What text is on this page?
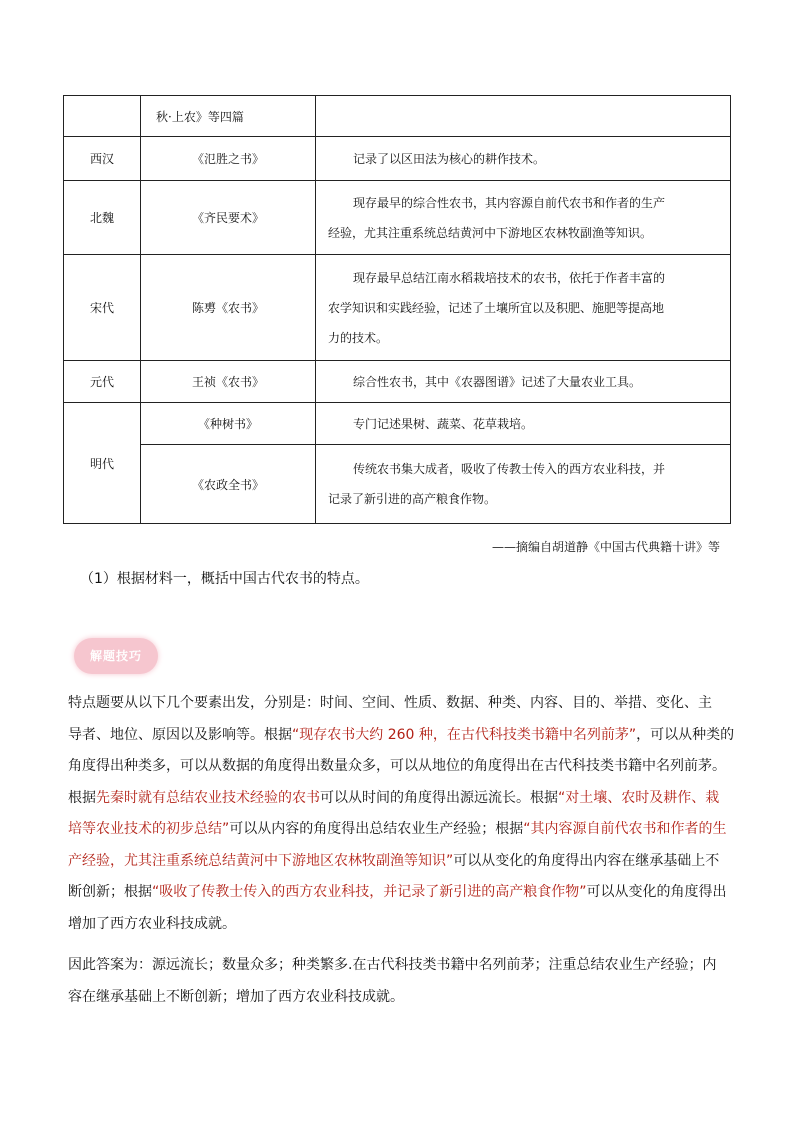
	秋·上农》等四篇	
西汉	《氾胜之书》	记录了以区田法为核心的耕作技术。

北魏	《齐民要术》	现存最早的综合性农书，其内容源自前代农书和作者的生产
经验，尤其注重系统总结黄河中下游地区农林牧副渔等知识。

宋代	陈旉《农书》	现存最早总结江南水稻栽培技术的农书，依托于作者丰富的
农学知识和实践经验，记述了土壤所宜以及积肥、施肥等提高地
力的技术。

元代	王祯《农书》	综合性农书，其中《农器图谱》记述了大量农业工具。

明代	《种树书》	专门记述果树、蔬菜、花草栽培。

	《农政全书》	传统农书集大成者，吸收了传教士传入的西方农业科技，并
记录了新引进的高产粮食作物。
——摘编自胡道静《中国古代典籍十讲》等
（1）根据材料一，概括中国古代农书的特点。
解题技巧
特点题要从以下几个要素出发，分别是：时间、空间、性质、数据、种类、内容、目的、举措、变化、主
导者、地位、原因以及影响等。根据“现存农书大约 260 种，在古代科技类书籍中名列前茅”，可以从种类的
角度得出种类多，可以从数据的角度得出数量众多，可以从地位的角度得出在古代科技类书籍中名列前茅。
根据先秦时就有总结农业技术经验的农书可以从时间的角度得出源远流长。根据“对土壤、农时及耕作、栽
培等农业技术的初步总结”可以从内容的角度得出总结农业生产经验；根据“其内容源自前代农书和作者的生
产经验，尤其注重系统总结黄河中下游地区农林牧副渔等知识”可以从变化的角度得出内容在继承基础上不
断创新；根据“吸收了传教士传入的西方农业科技，并记录了新引进的高产粮食作物”可以从变化的角度得出
增加了西方农业科技成就。
因此答案为：源远流长；数量众多；种类繁多.在古代科技类书籍中名列前茅；注重总结农业生产经验；内
容在继承基础上不断创新；增加了西方农业科技成就。
